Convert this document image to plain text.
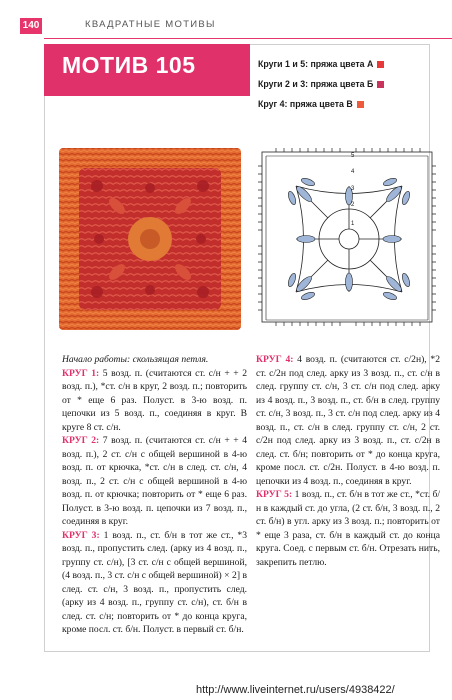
140	КВАДРАТНЫЕ МОТИВЫ
МОТИВ 105	Круги 1 и 5: пряжа цвета А
Круги 2 и 3: пряжа цвета Б
Круг 4: пряжа цвета В
5
4
3
2
1

Начало работы: скользящая петля.

КРУГ 1: 5 возд. п. (считаются ст. с/н + + 2 возд. п.), *ст. с/н в круг, 2 возд. п.; повторить от * еще 6 раз. Полуст. в 3-ю возд. п. цепочки из 5 возд. п., соединяя в круг. В круге 8 ст. с/н.

КРУГ 2: 7 возд. п. (считаются ст. с/н + + 4 возд. п.), 2 ст. с/н с общей вершиной в 4-ю возд. п. от крючка, *ст. с/н в след. ст. с/н, 4 возд. п., 2 ст. с/н с общей вершиной в 4-ю возд. п. от крючка; повторить от * еще 6 раз. Полуст. в 3-ю возд. п. цепочки из 7 возд. п., соединяя в круг.

КРУГ 3: 1 возд. п., ст. б/н в тот же ст., *3 возд. п., пропустить след. (арку из 4 возд. п., группу ст. с/н), [3 ст. с/н с общей вершиной, (4 возд. п., 3 ст. с/н с общей вершиной) × 2] в след. ст. с/н, 3 возд. п., пропустить след. (арку из 4 возд. п., группу ст. с/н), ст. б/н в след. ст. с/н; повторить от * до конца круга, кроме посл. ст. б/н. Полуст. в первый ст. б/н.

КРУГ 4: 4 возд. п. (считаются ст. с/2н), *2 ст. с/2н под след. арку из 3 возд. п., ст. с/н в след. группу ст. с/н, 3 ст. с/н под след. арку из 4 возд. п., 3 возд. п., ст. б/н в след. группу ст. с/н, 3 возд. п., 3 ст. с/н под след. арку из 4 возд. п., ст. с/н в след. группу ст. с/н, 2 ст. с/2н под след. арку из 3 возд. п., ст. с/2н в след. ст. б/н; повторить от * до конца круга, кроме посл. ст. с/2н. Полуст. в 4-ю возд. п. цепочки из 4 возд. п., соединяя в круг.

КРУГ 5: 1 возд. п., ст. б/н в тот же ст., *ст. б/н в каждый ст. до угла, (2 ст. б/н, 3 возд. п., 2 ст. б/н) в угл. арку из 3 возд. п.; повторить от * еще 3 раза, ст. б/н в каждый ст. до конца круга. Соед. с первым ст. б/н. Отрезать нить, закрепить петлю.

http://www.liveinternet.ru/users/4938422/
